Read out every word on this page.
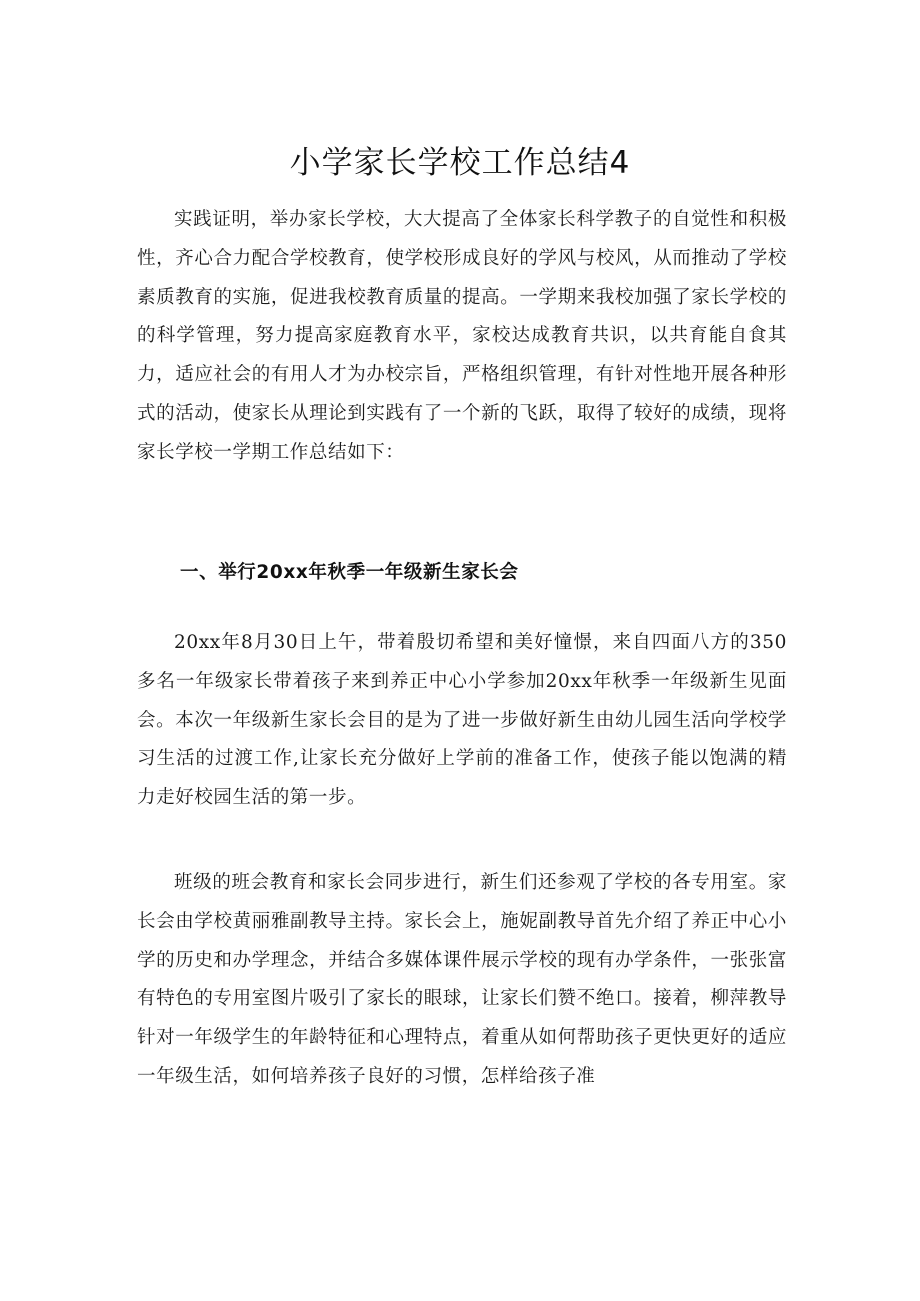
小学家长学校工作总结4

实践证明，举办家长学校，大大提高了全体家长科学教子的自觉性和积极性，齐心合力配合学校教育，使学校形成良好的学风与校风，从而推动了学校素质教育的实施，促进我校教育质量的提高。一学期来我校加强了家长学校的的科学管理，努力提高家庭教育水平，家校达成教育共识，以共育能自食其力，适应社会的有用人才为办校宗旨，严格组织管理，有针对性地开展各种形式的活动，使家长从理论到实践有了一个新的飞跃，取得了较好的成绩，现将家长学校一学期工作总结如下：

一、举行20xx年秋季一年级新生家长会

20xx年8月30日上午，带着殷切希望和美好憧憬，来自四面八方的350多名一年级家长带着孩子来到养正中心小学参加20xx年秋季一年级新生见面会。本次一年级新生家长会目的是为了进一步做好新生由幼儿园生活向学校学习生活的过渡工作,让家长充分做好上学前的准备工作，使孩子能以饱满的精力走好校园生活的第一步。

班级的班会教育和家长会同步进行，新生们还参观了学校的各专用室。家长会由学校黄丽雅副教导主持。家长会上，施妮副教导首先介绍了养正中心小学的历史和办学理念，并结合多媒体课件展示学校的现有办学条件，一张张富有特色的专用室图片吸引了家长的眼球，让家长们赞不绝口。接着，柳萍教导针对一年级学生的年龄特征和心理特点，着重从如何帮助孩子更快更好的适应一年级生活，如何培养孩子良好的习惯，怎样给孩子准
